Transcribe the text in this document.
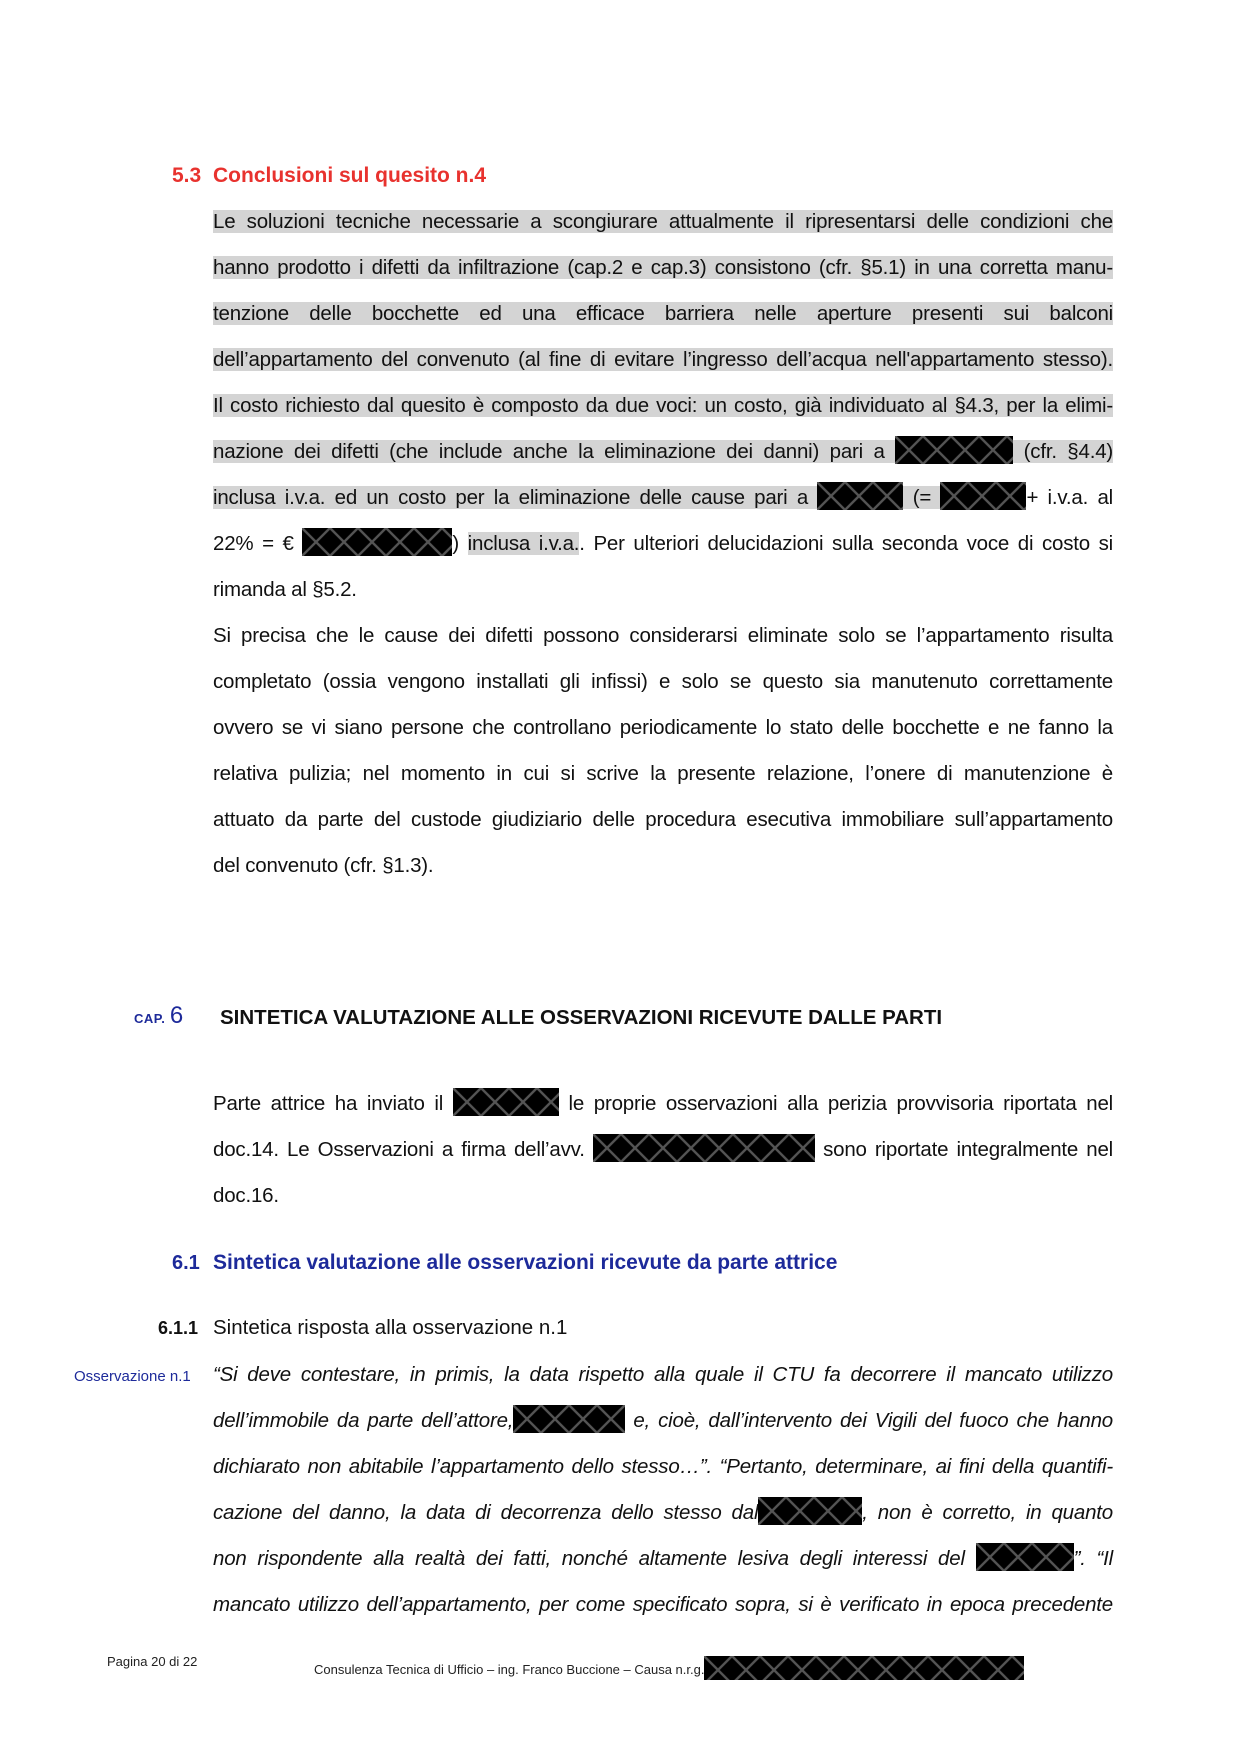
5.3 Conclusioni sul quesito n.4
Le soluzioni tecniche necessarie a scongiurare attualmente il ripresentarsi delle condizioni che
hanno prodotto i difetti da infiltrazione (cap.2 e cap.3) consistono (cfr. §5.1) in una corretta manu-
tenzione delle bocchette ed una efficace barriera nelle aperture presenti sui balconi
dell’appartamento del convenuto (al fine di evitare l’ingresso dell’acqua nell'appartamento stesso).
Il costo richiesto dal quesito è composto da due voci: un costo, già individuato al §4.3, per la elimi-
nazione dei difetti (che include anche la eliminazione dei danni) pari a	(cfr. §4.4)
inclusa i.v.a. ed un costo per la eliminazione delle cause pari a	(=	+ i.v.a. al
22% = €	) inclusa i.v.a.. Per ulteriori delucidazioni sulla seconda voce di costo si
rimanda al §5.2.
Si precisa che le cause dei difetti possono considerarsi eliminate solo se l’appartamento risulta
completato (ossia vengono installati gli infissi) e solo se questo sia manutenuto correttamente
ovvero se vi siano persone che controllano periodicamente lo stato delle bocchette e ne fanno la
relativa pulizia; nel momento in cui si scrive la presente relazione, l’onere di manutenzione è
attuato da parte del custode giudiziario delle procedura esecutiva immobiliare sull’appartamento
del convenuto (cfr. §1.3).
CAP. 6 SINTETICA VALUTAZIONE ALLE OSSERVAZIONI RICEVUTE DALLE PARTI
Parte attrice ha inviato il	le proprie osservazioni alla perizia provvisoria riportata nel
doc.14. Le Osservazioni a firma dell’avv.	sono riportate integralmente nel
doc.16.
6.1 Sintetica valutazione alle osservazioni ricevute da parte attrice
6.1.1 Sintetica risposta alla osservazione n.1
Osservazione n.1 “Si deve contestare, in primis, la data rispetto alla quale il CTU fa decorrere il mancato utilizzo
dell’immobile da parte dell’attore,	e, cioè, dall’intervento dei Vigili del fuoco che hanno
dichiarato non abitabile l’appartamento dello stesso…”. “Pertanto, determinare, ai fini della quantifi-
cazione del danno, la data di decorrenza dello stesso dal	, non è corretto, in quanto
non rispondente alla realtà dei fatti, nonché altamente lesiva degli interessi del	”. “Il
mancato utilizzo dell’appartamento, per come specificato sopra, si è verificato in epoca precedente
Pagina 20 di 22
Consulenza Tecnica di Ufficio – ing. Franco Buccione – Causa n.r.g.
